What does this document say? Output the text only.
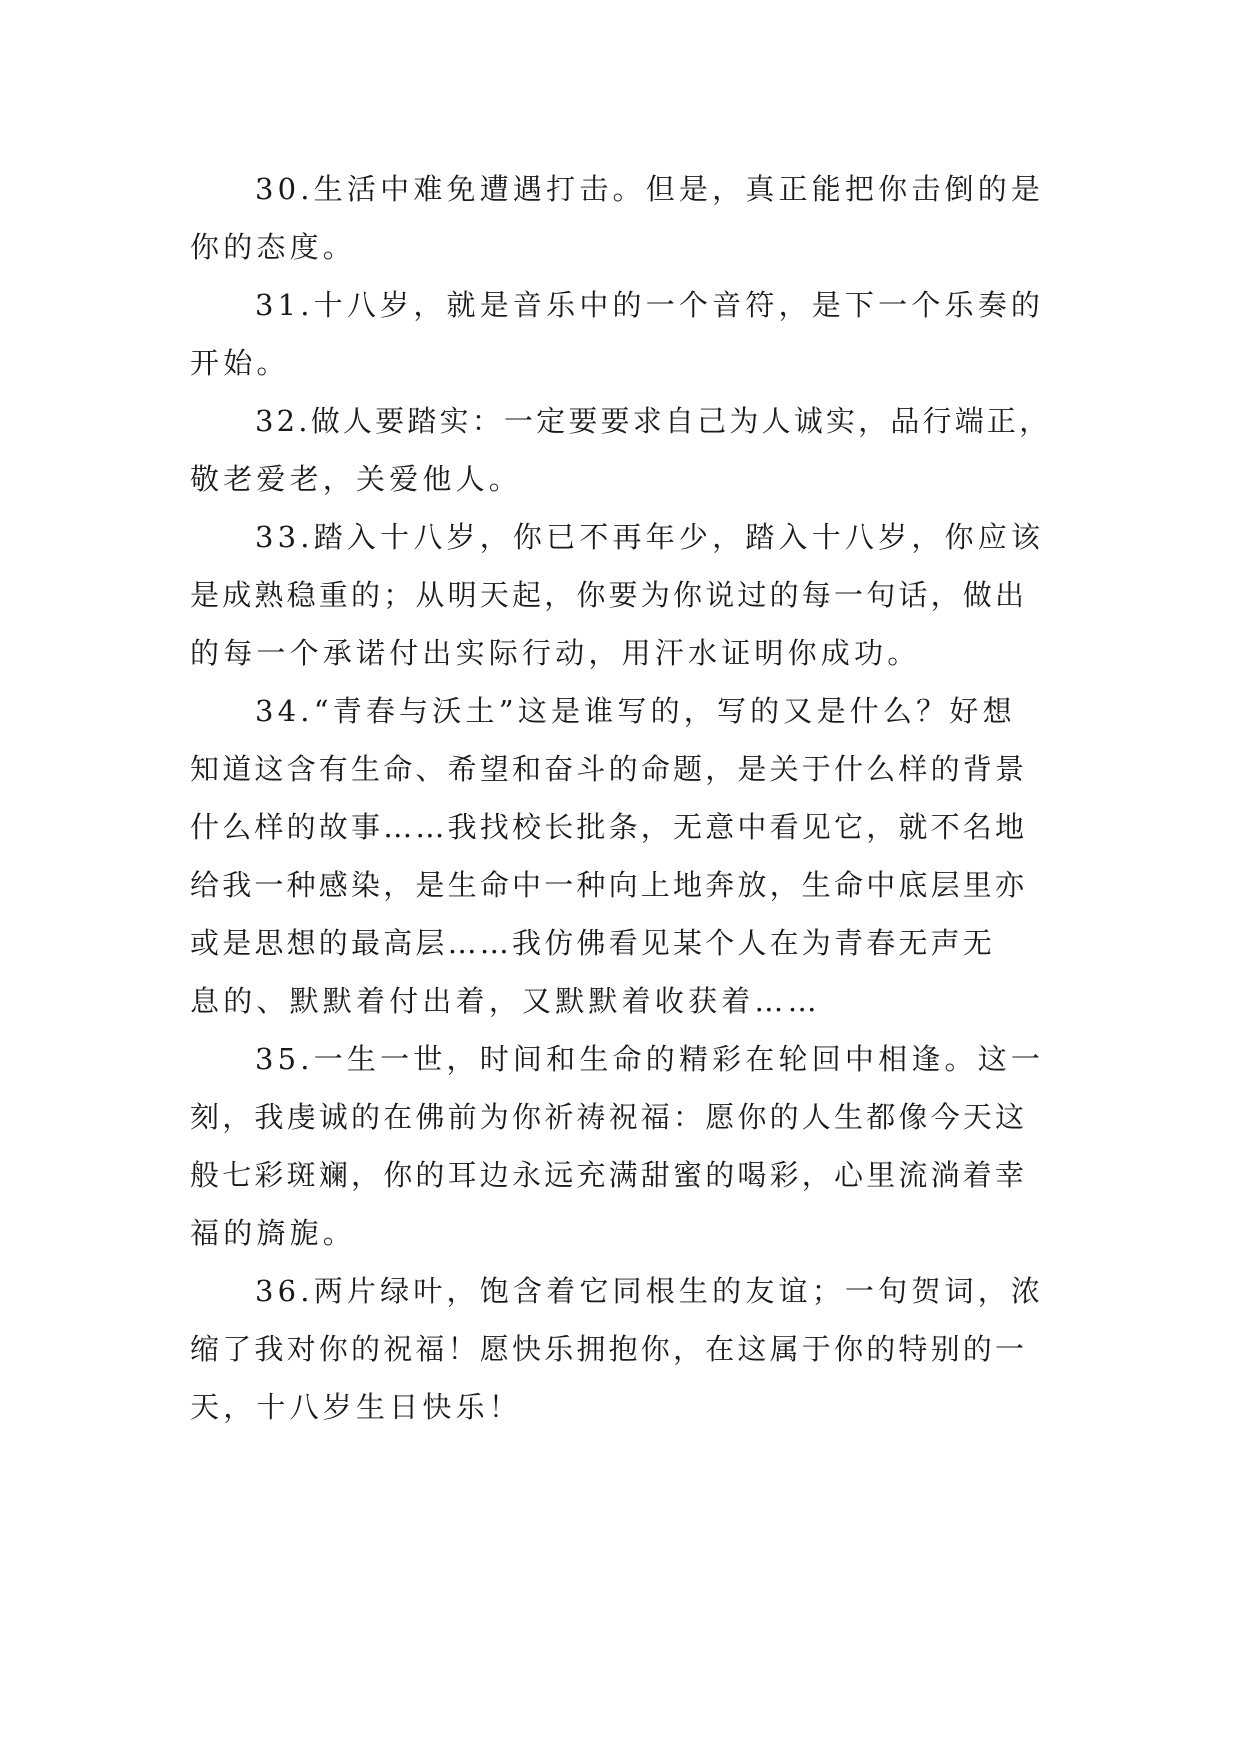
30.生活中难免遭遇打击。但是，真正能把你击倒的是
你的态度。

31.十八岁，就是音乐中的一个音符，是下一个乐奏的
开始。

32.做人要踏实：一定要要求自己为人诚实，品行端正，
敬老爱老，关爱他人。

33.踏入十八岁，你已不再年少，踏入十八岁，你应该
是成熟稳重的；从明天起，你要为你说过的每一句话，做出
的每一个承诺付出实际行动，用汗水证明你成功。

34.“青春与沃土”这是谁写的，写的又是什么？好想
知道这含有生命、希望和奋斗的命题，是关于什么样的背景
什么样的故事……我找校长批条，无意中看见它，就不名地
给我一种感染，是生命中一种向上地奔放，生命中底层里亦
或是思想的最高层……我仿佛看见某个人在为青春无声无
息的、默默着付出着，又默默着收获着……

35.一生一世，时间和生命的精彩在轮回中相逢。这一
刻，我虔诚的在佛前为你祈祷祝福：愿你的人生都像今天这
般七彩斑斓，你的耳边永远充满甜蜜的喝彩，心里流淌着幸
福的旖旎。

36.两片绿叶，饱含着它同根生的友谊；一句贺词，浓
缩了我对你的祝福！愿快乐拥抱你，在这属于你的特别的一
天，十八岁生日快乐！
